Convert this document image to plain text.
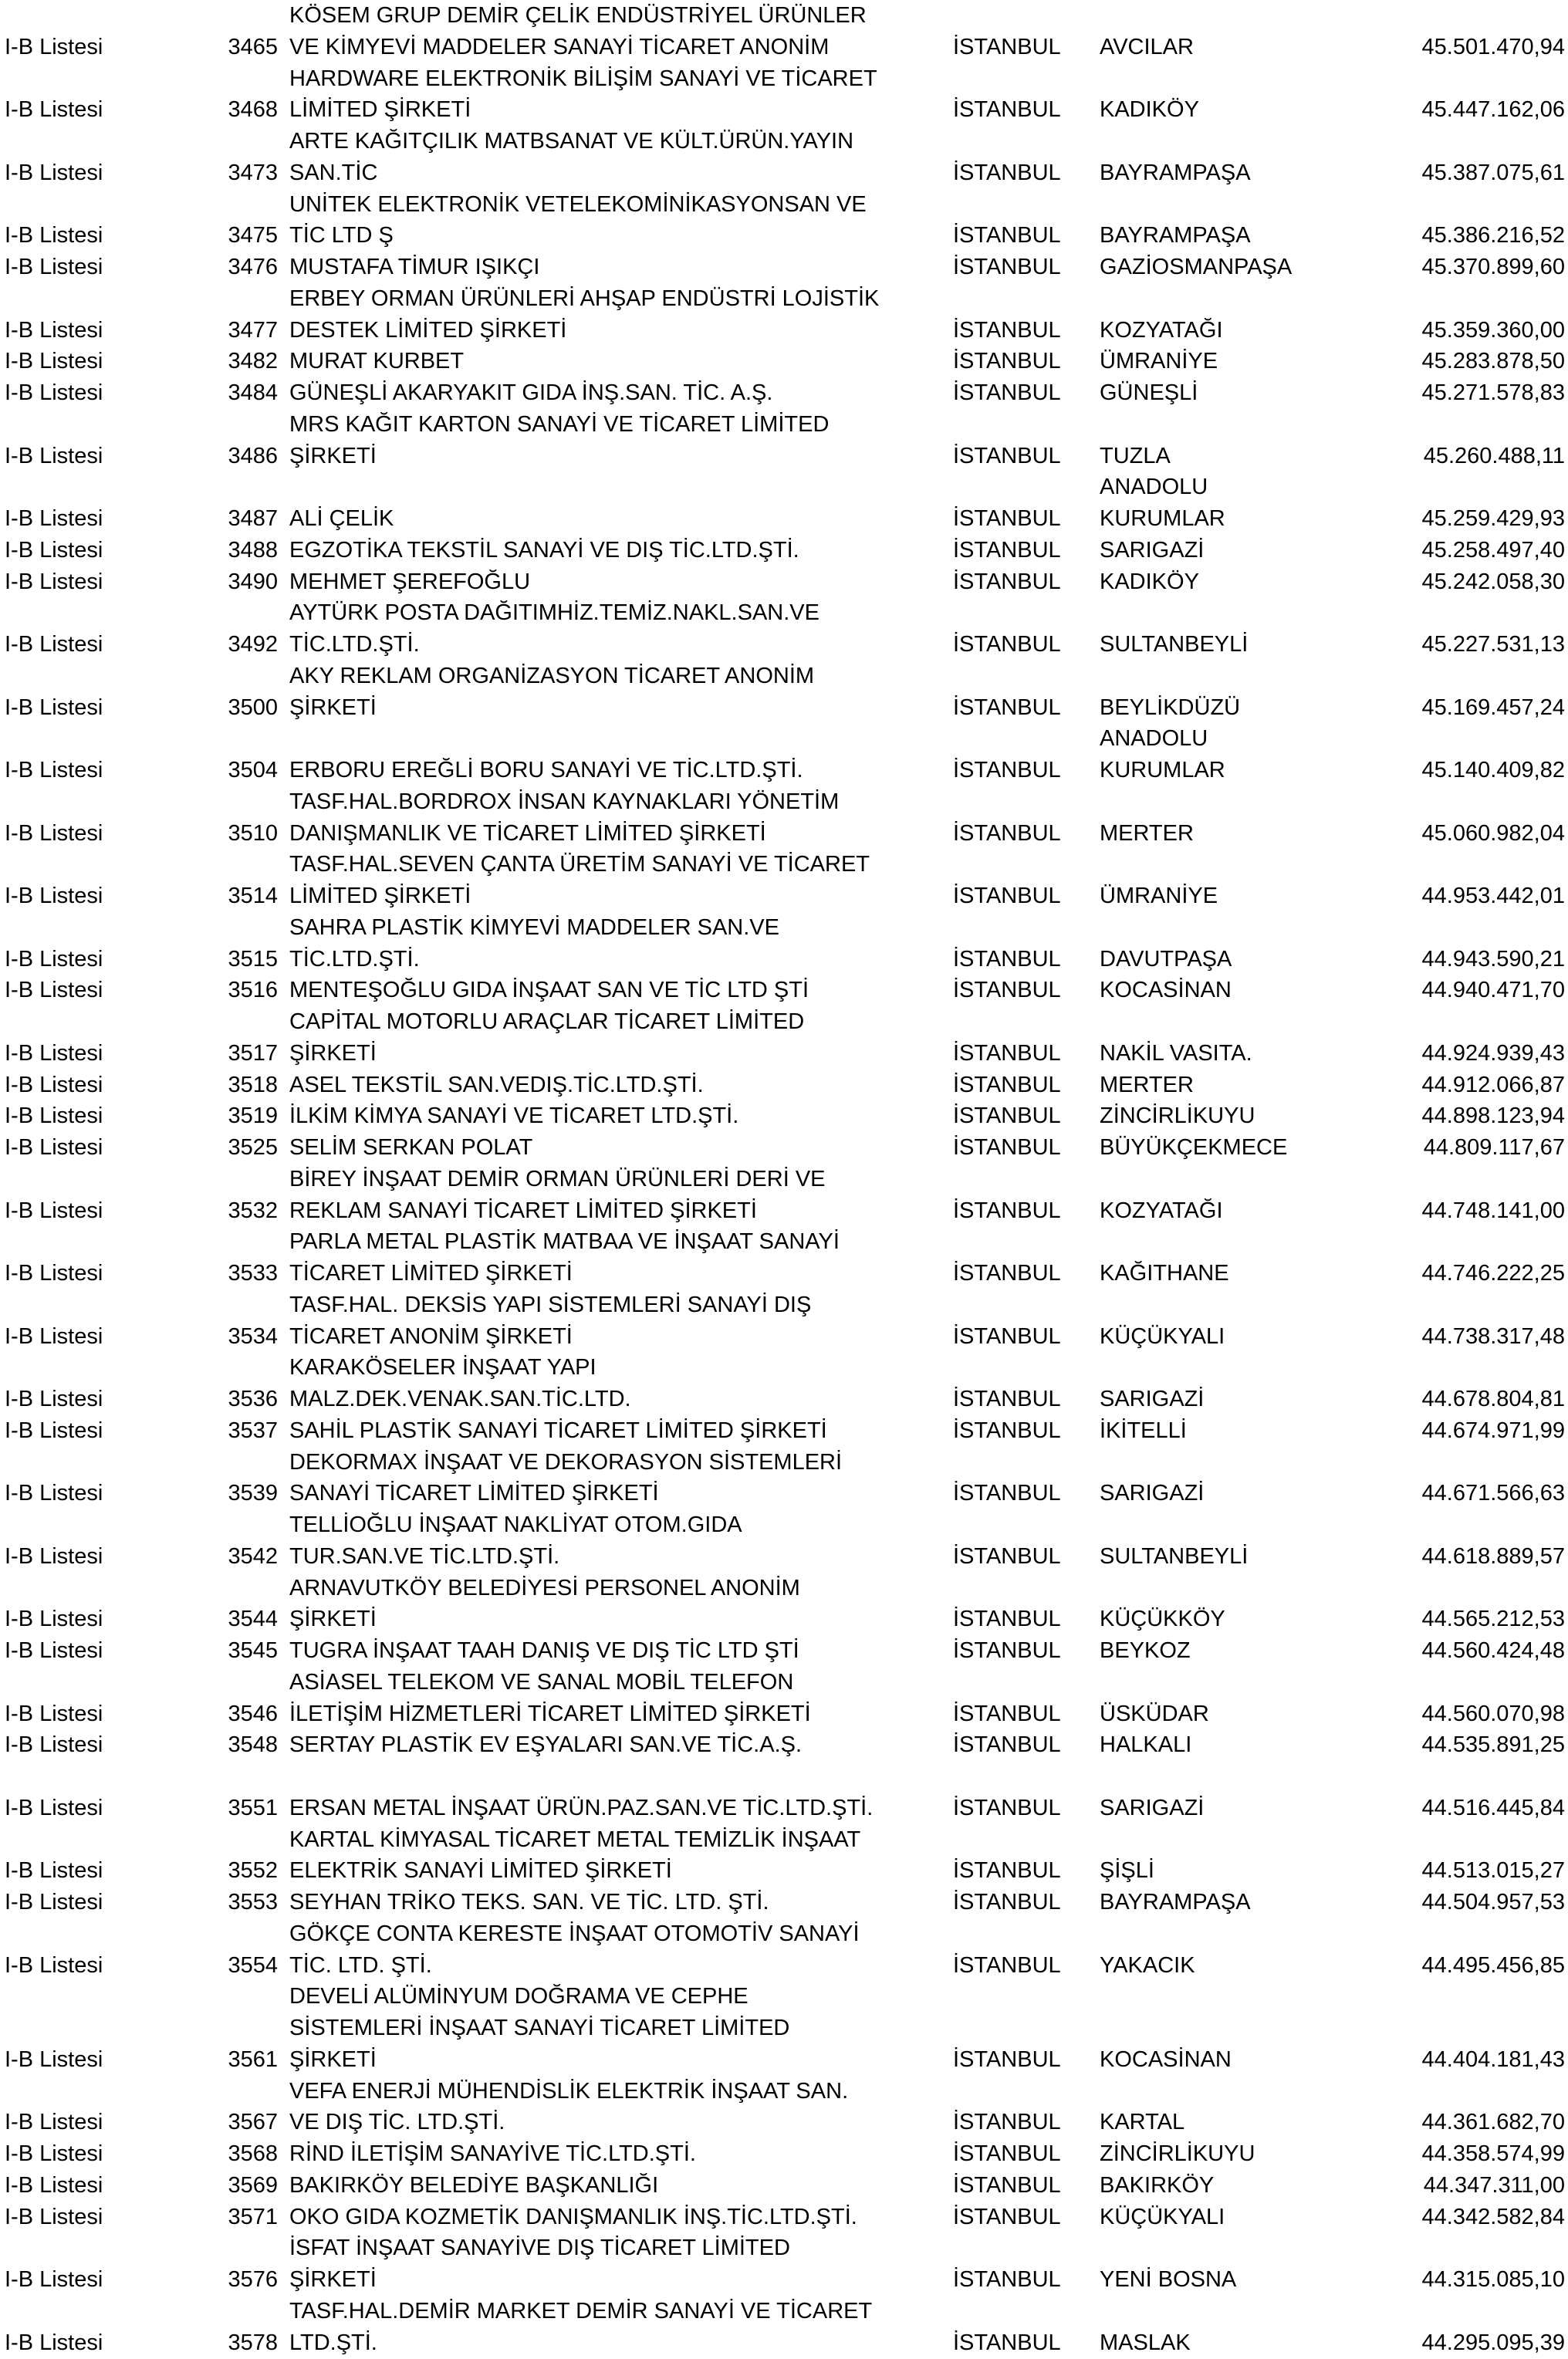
KÖSEM GRUP DEMİR ÇELİK ENDÜSTRİYEL ÜRÜNLER
I-B Listesi	3465 VE KİMYEVİ MADDELER SANAYİ TİCARET ANONİM	İSTANBUL	AVCILAR	45.501.470,94
HARDWARE ELEKTRONİK BİLİŞİM SANAYİ VE TİCARET
I-B Listesi	3468 LİMİTED ŞİRKETİ	İSTANBUL	KADIKÖY	45.447.162,06
ARTE KAĞITÇILIK MATBSANAT VE KÜLT.ÜRÜN.YAYIN
I-B Listesi	3473 SAN.TİC	İSTANBUL	BAYRAMPAŞA	45.387.075,61
UNİTEK ELEKTRONİK VETELEKOMİNİKASYONSAN VE
I-B Listesi	3475 TİC LTD Ş	İSTANBUL	BAYRAMPAŞA	45.386.216,52
I-B Listesi	3476 MUSTAFA TİMUR IŞIKÇI	İSTANBUL	GAZİOSMANPAŞA	45.370.899,60
ERBEY ORMAN ÜRÜNLERİ AHŞAP ENDÜSTRİ LOJİSTİK
I-B Listesi	3477 DESTEK LİMİTED ŞİRKETİ	İSTANBUL	KOZYATAĞI	45.359.360,00
I-B Listesi	3482 MURAT KURBET	İSTANBUL	ÜMRANİYE	45.283.878,50
I-B Listesi	3484 GÜNEŞLİ AKARYAKIT GIDA İNŞ.SAN. TİC. A.Ş.	İSTANBUL	GÜNEŞLİ	45.271.578,83
MRS KAĞIT KARTON SANAYİ VE TİCARET LİMİTED
I-B Listesi	3486 ŞİRKETİ	İSTANBUL	TUZLA	45.260.488,11
ANADOLU
I-B Listesi	3487 ALİ ÇELİK	İSTANBUL	KURUMLAR	45.259.429,93
I-B Listesi	3488 EGZOTİKA TEKSTİL SANAYİ VE DIŞ TİC.LTD.ŞTİ.	İSTANBUL	SARIGAZİ	45.258.497,40
I-B Listesi	3490 MEHMET ŞEREFOĞLU	İSTANBUL	KADIKÖY	45.242.058,30
AYTÜRK POSTA DAĞITIMHİZ.TEMİZ.NAKL.SAN.VE
I-B Listesi	3492 TİC.LTD.ŞTİ.	İSTANBUL	SULTANBEYLİ	45.227.531,13
AKY REKLAM ORGANİZASYON TİCARET ANONİM
I-B Listesi	3500 ŞİRKETİ	İSTANBUL	BEYLİKDÜZÜ	45.169.457,24
ANADOLU
I-B Listesi	3504 ERBORU EREĞLİ BORU SANAYİ VE TİC.LTD.ŞTİ.	İSTANBUL	KURUMLAR	45.140.409,82
TASF.HAL.BORDROX İNSAN KAYNAKLARI YÖNETİM
I-B Listesi	3510 DANIŞMANLIK VE TİCARET LİMİTED ŞİRKETİ	İSTANBUL	MERTER	45.060.982,04
TASF.HAL.SEVEN ÇANTA ÜRETİM SANAYİ VE TİCARET
I-B Listesi	3514 LİMİTED ŞİRKETİ	İSTANBUL	ÜMRANİYE	44.953.442,01
SAHRA PLASTİK KİMYEVİ MADDELER SAN.VE
I-B Listesi	3515 TİC.LTD.ŞTİ.	İSTANBUL	DAVUTPAŞA	44.943.590,21
I-B Listesi	3516 MENTEŞOĞLU GIDA İNŞAAT SAN VE TİC LTD ŞTİ	İSTANBUL	KOCASİNAN	44.940.471,70
CAPİTAL MOTORLU ARAÇLAR TİCARET LİMİTED
I-B Listesi	3517 ŞİRKETİ	İSTANBUL	NAKİL VASITA.	44.924.939,43
I-B Listesi	3518 ASEL TEKSTİL SAN.VEDIŞ.TİC.LTD.ŞTİ.	İSTANBUL	MERTER	44.912.066,87
I-B Listesi	3519 İLKİM KİMYA SANAYİ VE TİCARET LTD.ŞTİ.	İSTANBUL	ZİNCİRLİKUYU	44.898.123,94
I-B Listesi	3525 SELİM SERKAN POLAT	İSTANBUL	BÜYÜKÇEKMECE	44.809.117,67
BİREY İNŞAAT DEMİR ORMAN ÜRÜNLERİ DERİ VE
I-B Listesi	3532 REKLAM SANAYİ TİCARET LİMİTED ŞİRKETİ	İSTANBUL	KOZYATAĞI	44.748.141,00
PARLA METAL PLASTİK MATBAA VE İNŞAAT SANAYİ
I-B Listesi	3533 TİCARET LİMİTED ŞİRKETİ	İSTANBUL	KAĞITHANE	44.746.222,25
TASF.HAL. DEKSİS YAPI SİSTEMLERİ SANAYİ DIŞ
I-B Listesi	3534 TİCARET ANONİM ŞİRKETİ	İSTANBUL	KÜÇÜKYALI	44.738.317,48
KARAKÖSELER İNŞAAT YAPI
I-B Listesi	3536 MALZ.DEK.VENAK.SAN.TİC.LTD.	İSTANBUL	SARIGAZİ	44.678.804,81
I-B Listesi	3537 SAHİL PLASTİK SANAYİ TİCARET LİMİTED ŞİRKETİ	İSTANBUL	İKİTELLİ	44.674.971,99
DEKORMAX İNŞAAT VE DEKORASYON SİSTEMLERİ
I-B Listesi	3539 SANAYİ TİCARET LİMİTED ŞİRKETİ	İSTANBUL	SARIGAZİ	44.671.566,63
TELLİOĞLU İNŞAAT NAKLİYAT OTOM.GIDA
I-B Listesi	3542 TUR.SAN.VE TİC.LTD.ŞTİ.	İSTANBUL	SULTANBEYLİ	44.618.889,57
ARNAVUTKÖY BELEDİYESİ PERSONEL ANONİM
I-B Listesi	3544 ŞİRKETİ	İSTANBUL	KÜÇÜKKÖY	44.565.212,53
I-B Listesi	3545 TUGRA İNŞAAT TAAH DANIŞ VE DIŞ TİC LTD ŞTİ	İSTANBUL	BEYKOZ	44.560.424,48
ASİASEL TELEKOM VE SANAL MOBİL TELEFON
I-B Listesi	3546 İLETİŞİM HİZMETLERİ TİCARET LİMİTED ŞİRKETİ	İSTANBUL	ÜSKÜDAR	44.560.070,98
I-B Listesi	3548 SERTAY PLASTİK EV EŞYALARI SAN.VE TİC.A.Ş.	İSTANBUL	HALKALI	44.535.891,25
I-B Listesi	3551 ERSAN METAL İNŞAAT ÜRÜN.PAZ.SAN.VE TİC.LTD.ŞTİ.	İSTANBUL	SARIGAZİ	44.516.445,84
KARTAL KİMYASAL TİCARET METAL TEMİZLİK İNŞAAT
I-B Listesi	3552 ELEKTRİK SANAYİ LİMİTED ŞİRKETİ	İSTANBUL	ŞİŞLİ	44.513.015,27
I-B Listesi	3553 SEYHAN TRİKO TEKS. SAN. VE TİC. LTD. ŞTİ.	İSTANBUL	BAYRAMPAŞA	44.504.957,53
GÖKÇE CONTA KERESTE İNŞAAT OTOMOTİV SANAYİ
I-B Listesi	3554 TİC. LTD. ŞTİ.	İSTANBUL	YAKACIK	44.495.456,85
DEVELİ ALÜMİNYUM DOĞRAMA VE CEPHE
SİSTEMLERİ İNŞAAT SANAYİ TİCARET LİMİTED
I-B Listesi	3561 ŞİRKETİ	İSTANBUL	KOCASİNAN	44.404.181,43
VEFA ENERJİ MÜHENDİSLİK ELEKTRİK İNŞAAT SAN.
I-B Listesi	3567 VE DIŞ TİC. LTD.ŞTİ.	İSTANBUL	KARTAL	44.361.682,70
I-B Listesi	3568 RİND İLETİŞİM SANAYİVE TİC.LTD.ŞTİ.	İSTANBUL	ZİNCİRLİKUYU	44.358.574,99
I-B Listesi	3569 BAKIRKÖY BELEDİYE BAŞKANLIĞI	İSTANBUL	BAKIRKÖY	44.347.311,00
I-B Listesi	3571 OKO GIDA KOZMETİK DANIŞMANLIK İNŞ.TİC.LTD.ŞTİ.	İSTANBUL	KÜÇÜKYALI	44.342.582,84
İSFAT İNŞAAT SANAYİVE DIŞ TİCARET LİMİTED
I-B Listesi	3576 ŞİRKETİ	İSTANBUL	YENİ BOSNA	44.315.085,10
TASF.HAL.DEMİR MARKET DEMİR SANAYİ VE TİCARET
I-B Listesi	3578 LTD.ŞTİ.	İSTANBUL	MASLAK	44.295.095,39
